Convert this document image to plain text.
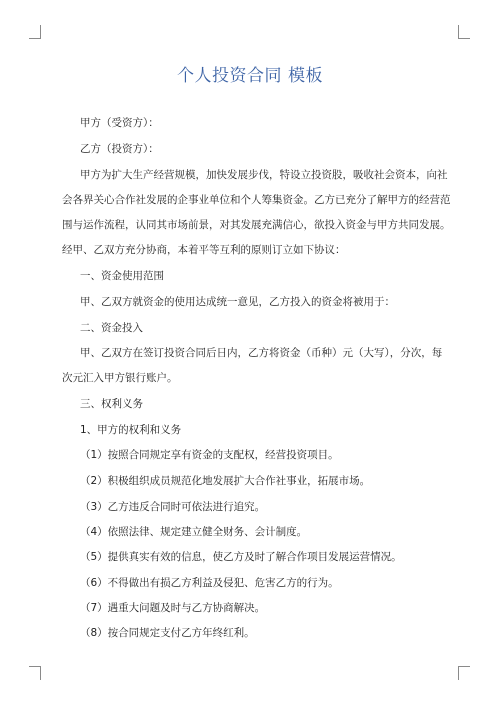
个人投资合同 模板
甲方（受资方）：
乙方（投资方）：
甲方为扩大生产经营规模，加快发展步伐，特设立投资股，吸收社会资本，向社
会各界关心合作社发展的企事业单位和个人筹集资金。乙方已充分了解甲方的经营范
围与运作流程，认同其市场前景，对其发展充满信心，欲投入资金与甲方共同发展。
经甲、乙双方充分协商，本着平等互利的原则订立如下协议：
一、资金使用范围
甲、乙双方就资金的使用达成统一意见，乙方投入的资金将被用于：
二、资金投入
甲、乙双方在签订投资合同后日内，乙方将资金（币种）元（大写），分次，每
次元汇入甲方银行账户。
三、权利义务
1、甲方的权利和义务
（1）按照合同规定享有资金的支配权，经营投资项目。
（2）积极组织成员规范化地发展扩大合作社事业，拓展市场。
（3）乙方违反合同时可依法进行追究。
（4）依照法律、规定建立健全财务、会计制度。
（5）提供真实有效的信息，使乙方及时了解合作项目发展运营情况。
（6）不得做出有损乙方利益及侵犯、危害乙方的行为。
（7）遇重大问题及时与乙方协商解决。
（8）按合同规定支付乙方年终红利。
